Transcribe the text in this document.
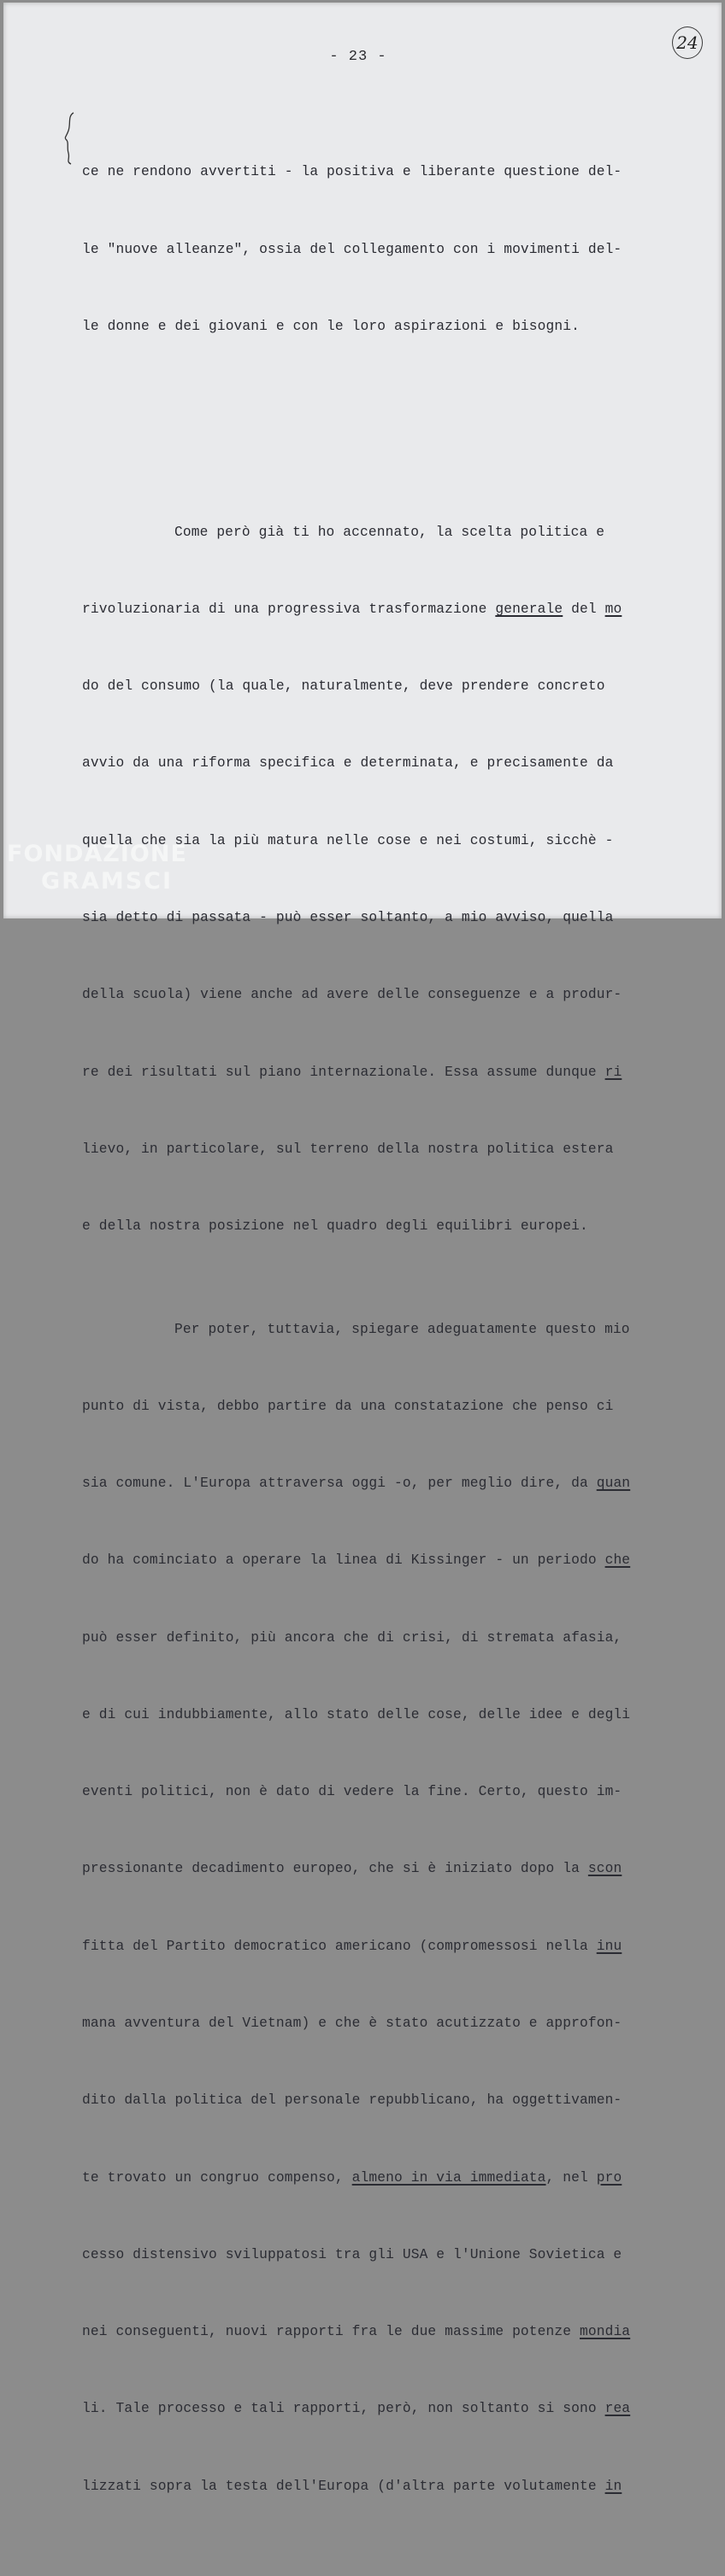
- 23 -
24

ce ne rendono avvertiti - la positiva e liberante questione del-

le "nuove alleanze", ossia del collegamento con i movimenti del-

le donne e dei giovani e con le loro aspirazioni e bisogni.

Come però già ti ho accennato, la scelta politica e

rivoluzionaria di una progressiva trasformazione generale del mo

do del consumo (la quale, naturalmente, deve prendere concreto

avvio da una riforma specifica e determinata, e precisamente da

quella che sia la più matura nelle cose e nei costumi, sicchè -

sia detto di passata - può esser soltanto, a mio avviso, quella

della scuola) viene anche ad avere delle conseguenze e a produr-

re dei risultati sul piano internazionale. Essa assume dunque ri

lievo, in particolare, sul terreno della nostra politica estera

e della nostra posizione nel quadro degli equilibri europei.

Per poter, tuttavia, spiegare adeguatamente questo mio

punto di vista, debbo partire da una constatazione che penso ci

sia comune. L'Europa attraversa oggi -o, per meglio dire, da quan

do ha cominciato a operare la linea di Kissinger - un periodo che

può esser definito, più ancora che di crisi, di stremata afasia,

e di cui indubbiamente, allo stato delle cose, delle idee e degli

eventi politici, non è dato di vedere la fine. Certo, questo im-

pressionante decadimento europeo, che si è iniziato dopo la scon

fitta del Partito democratico americano (compromessosi nella inu

mana avventura del Vietnam) e che è stato acutizzato e approfon-

dito dalla politica del personale repubblicano, ha oggettivamen-

te trovato un congruo compenso, almeno in via immediata, nel pro

cesso distensivo sviluppatosi tra gli USA e l'Unione Sovietica e

nei conseguenti, nuovi rapporti fra le due massime potenze mondia

li. Tale processo e tali rapporti, però, non soltanto si sono rea

lizzati sopra la testa dell'Europa (d'altra parte volutamente in

FONDAZIONE
GRAMSCI
